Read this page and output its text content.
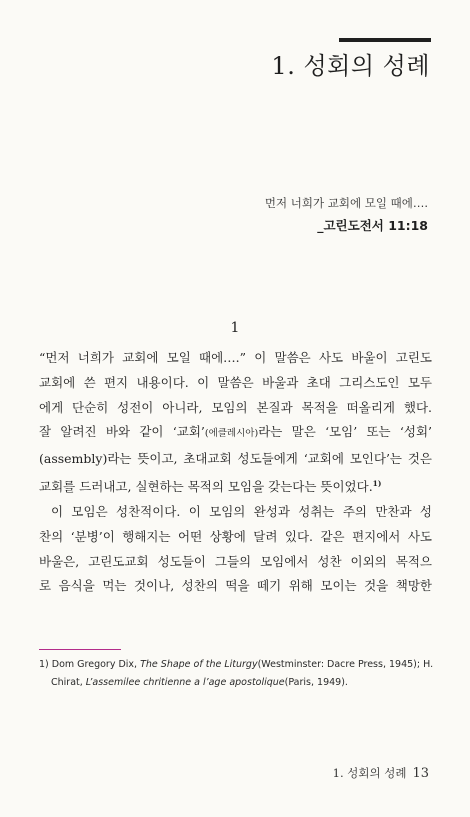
1. 성회의 성례
먼저 너희가 교회에 모일 때에….
_고린도전서 11:18
1

“먼저 너희가 교회에 모일 때에….” 이 말씀은 사도 바울이 고린도
교회에 쓴 편지 내용이다. 이 말씀은 바울과 초대 그리스도인 모두
에게 단순히 성전이 아니라, 모임의 본질과 목적을 떠올리게 했다.
잘 알려진 바와 같이 ‘교회’(에클레시아)라는 말은 ‘모임’ 또는 ‘성회’
(assembly)라는 뜻이고, 초대교회 성도들에게 ‘교회에 모인다’는 것은
교회를 드러내고, 실현하는 목적의 모임을 갖는다는 뜻이었다.$^{1)}$

이 모임은 성찬적이다. 이 모임의 완성과 성취는 주의 만찬과 성
찬의 ‘분병’이 행해지는 어떤 상황에 달려 있다. 같은 편지에서 사도
바울은, 고린도교회 성도들이 그들의 모임에서 성찬 이외의 목적으
로 음식을 먹는 것이나, 성찬의 떡을 떼기 위해 모이는 것을 책망한

1) Dom Gregory Dix, The Shape of the Liturgy(Westminster: Dacre Press, 1945); H.
Chirat, L’assemilee chritienne a l’age apostolique(Paris, 1949).
1. 성회의 성례 13
